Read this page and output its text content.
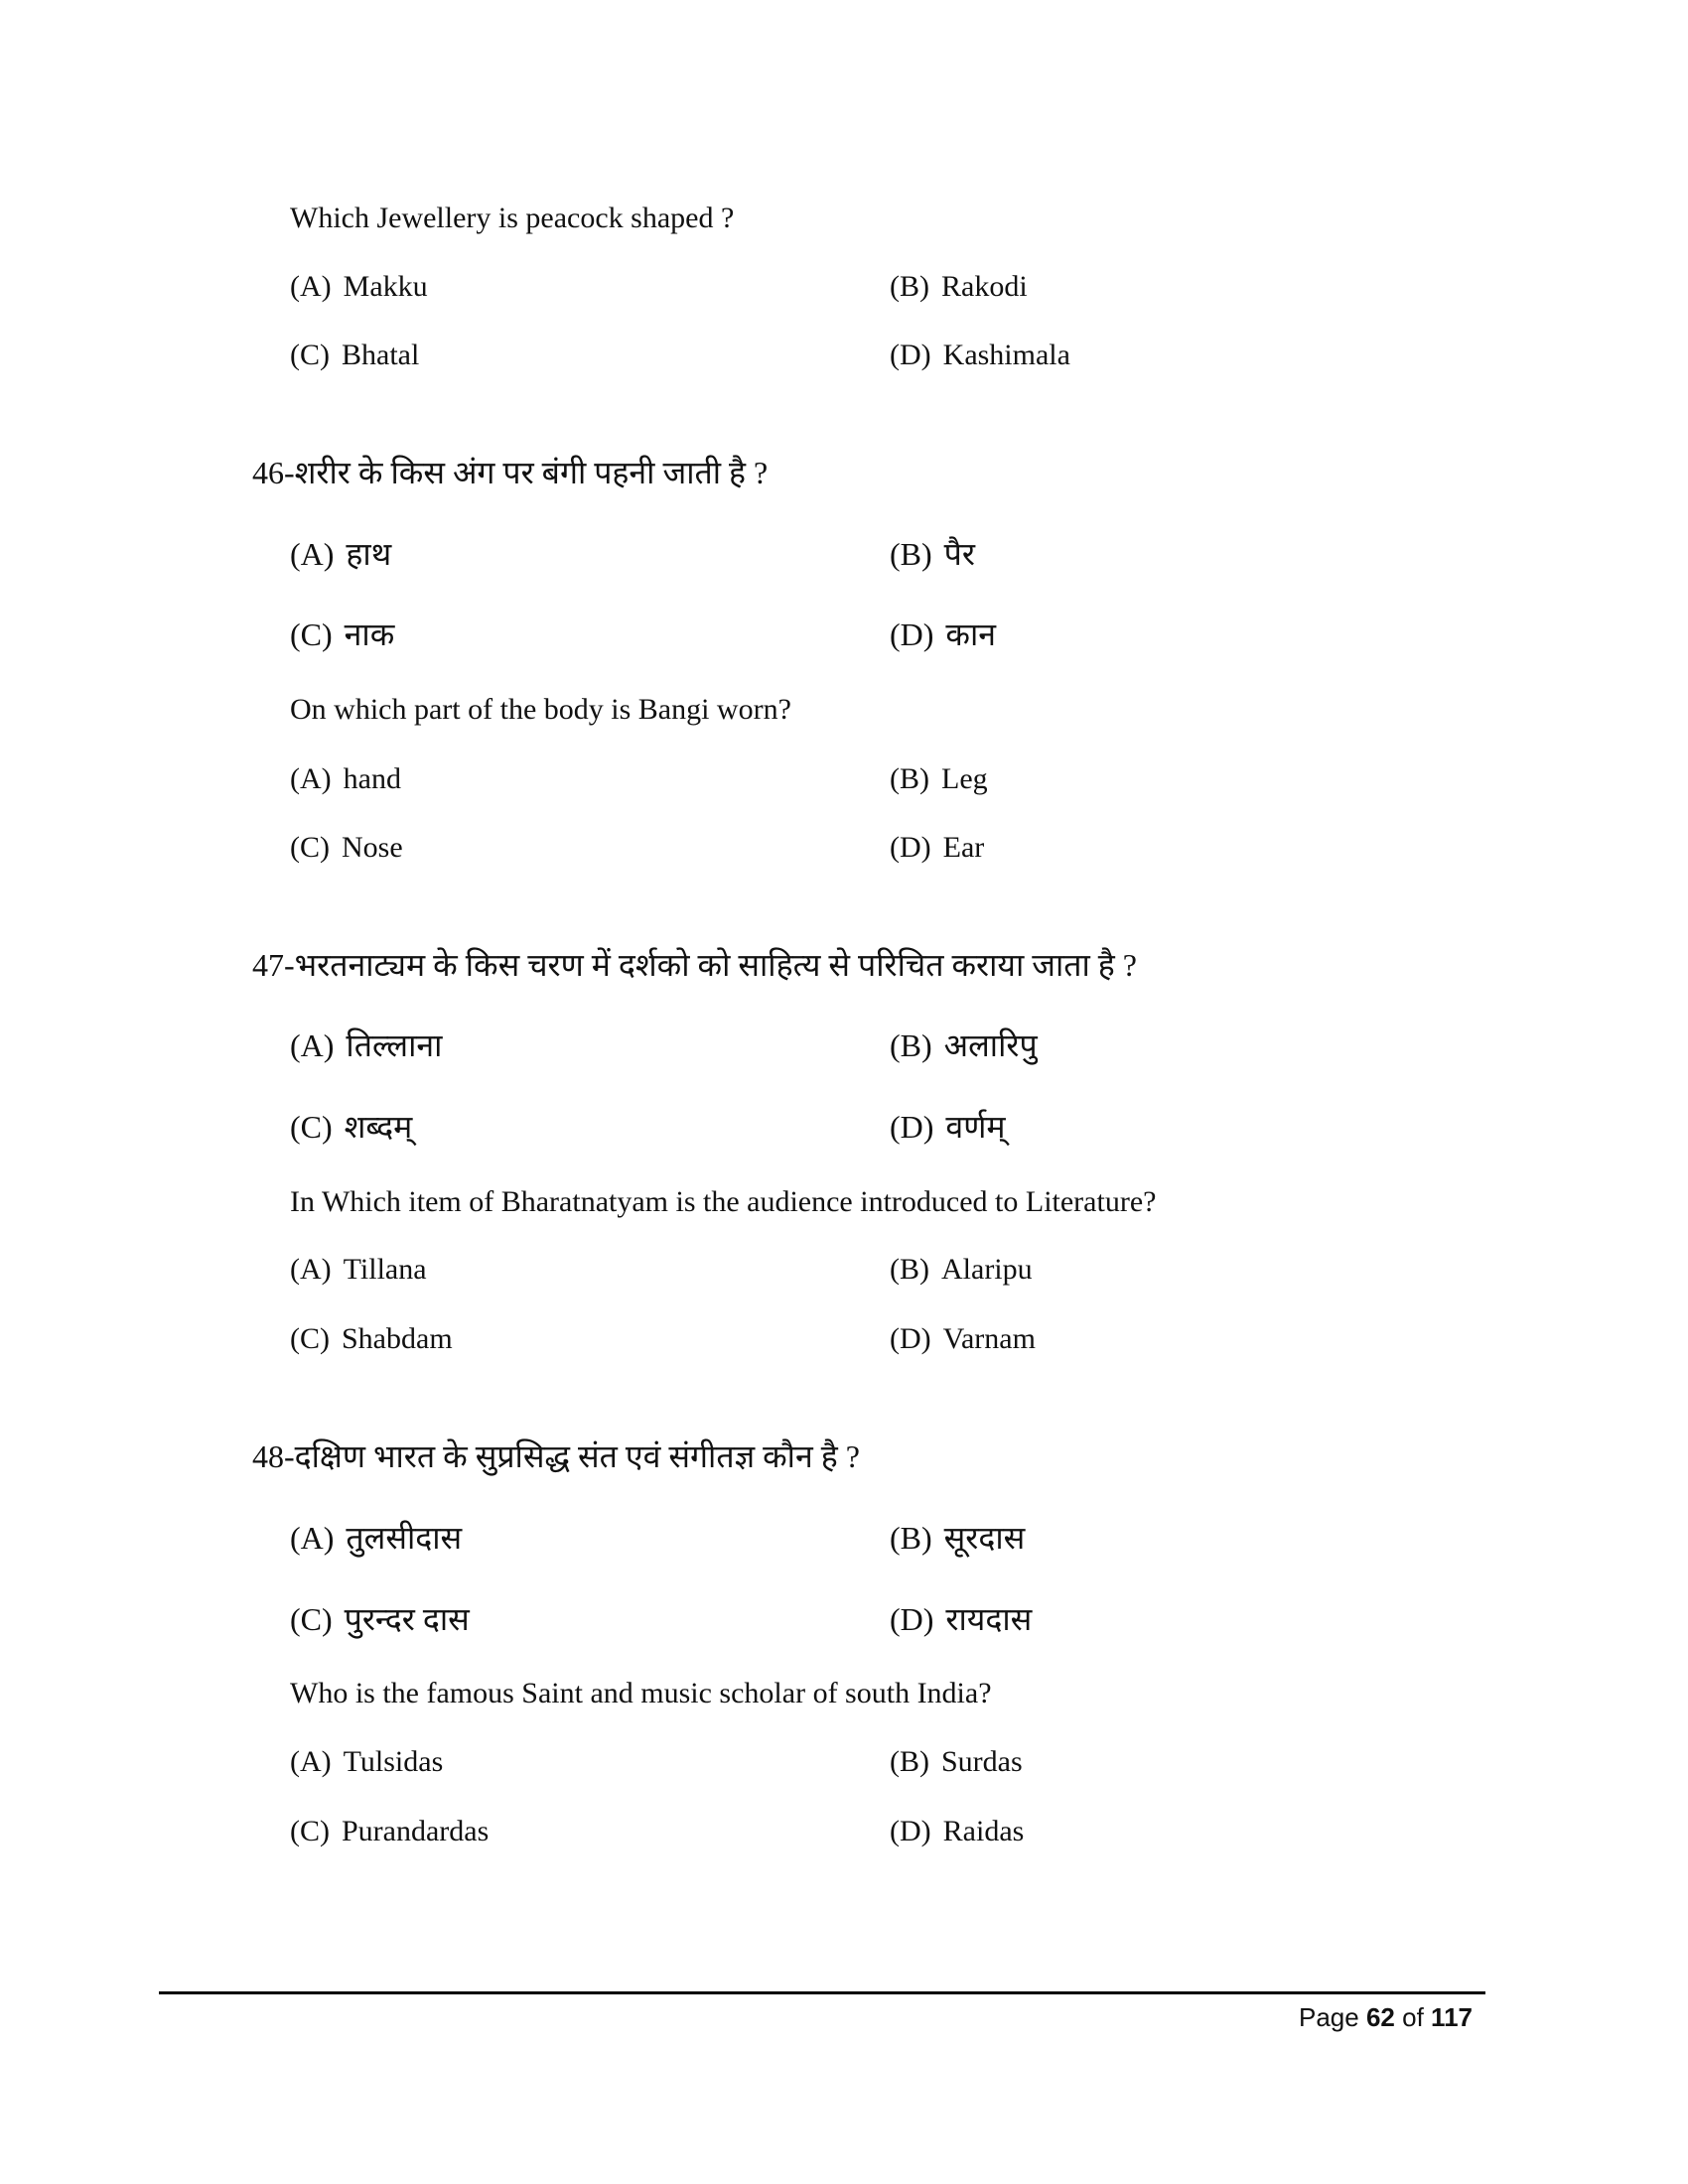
Which Jewellery is peacock shaped ?
(A) Makku	(B) Rakodi
(C) Bhatal	(D) Kashimala
46-शरीर के किस अंग पर बंगी पहनी जाती है ?
(A) हाथ	(B) पैर
(C) नाक	(D) कान
On which part of the body is Bangi worn?
(A) hand	(B) Leg
(C) Nose	(D) Ear
47-भरतनाट्यम के किस चरण में दर्शको को साहित्य से परिचित कराया जाता है ?
(A) तिल्लाना	(B) अलारिपु
(C) शब्दम्	(D) वर्णम्
In Which item of Bharatnatyam is the audience introduced to Literature?
(A) Tillana	(B) Alaripu
(C) Shabdam	(D) Varnam
48-दक्षिण भारत के सुप्रसिद्ध संत एवं संगीतज्ञ कौन है ?
(A) तुलसीदास	(B) सूरदास
(C) पुरन्दर दास	(D) रायदास
Who is the famous Saint and music scholar of south India?
(A) Tulsidas	(B) Surdas
(C) Purandardas	(D) Raidas
Page 62 of 117
